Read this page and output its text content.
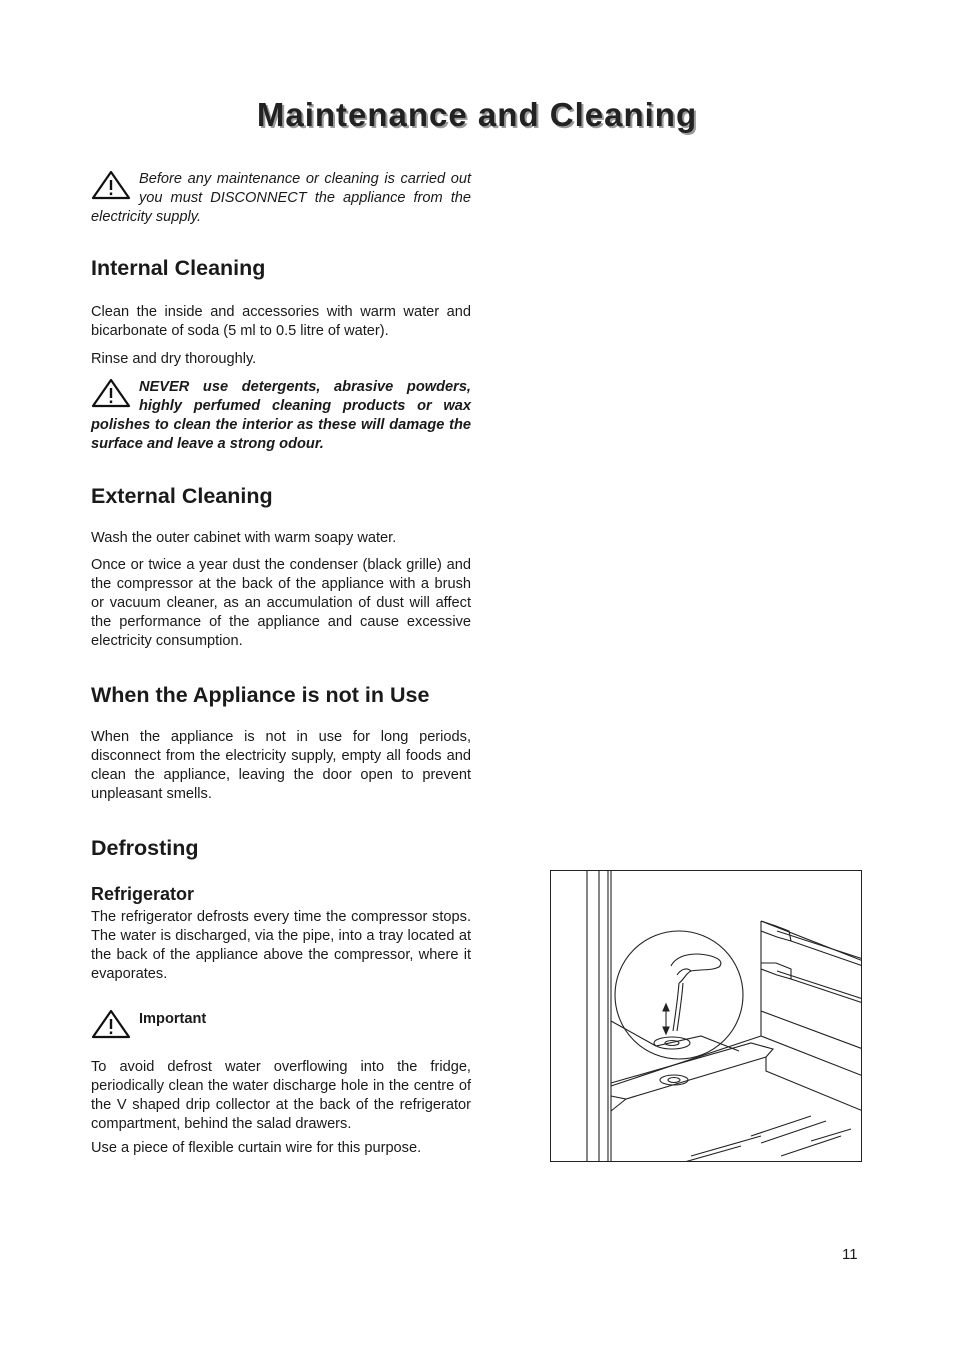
Maintenance and Cleaning

Before any maintenance or cleaning is carried out you must DISCONNECT the appliance from the electricity supply.

Internal Cleaning

Clean the inside and accessories with warm water and bicarbonate of soda (5 ml to 0.5 litre of water).

Rinse and dry thoroughly.

NEVER use detergents, abrasive powders, highly perfumed cleaning products or wax polishes to clean the interior as these will damage the surface and leave a strong odour.

External Cleaning

Wash the outer cabinet with warm soapy water.

Once or twice a year dust the condenser (black grille) and the compressor at the back of the appliance with a brush or vacuum cleaner, as an accumulation of dust will affect the performance of the appliance and cause excessive electricity consumption.

When the Appliance is not in Use

When the appliance is not in use for long periods, disconnect from the electricity supply, empty all foods and clean the appliance, leaving the door open to prevent unpleasant smells.

Defrosting

Refrigerator

The refrigerator defrosts every time the compressor stops. The water is discharged, via the pipe, into a tray located at the back of the appliance above the compressor, where it evaporates.

Important

To avoid defrost water overflowing into the fridge, periodically clean the water discharge hole in the centre of the V shaped drip collector at the back of the refrigerator compartment, behind the salad drawers.

Use a piece of flexible curtain wire for this purpose.

11
